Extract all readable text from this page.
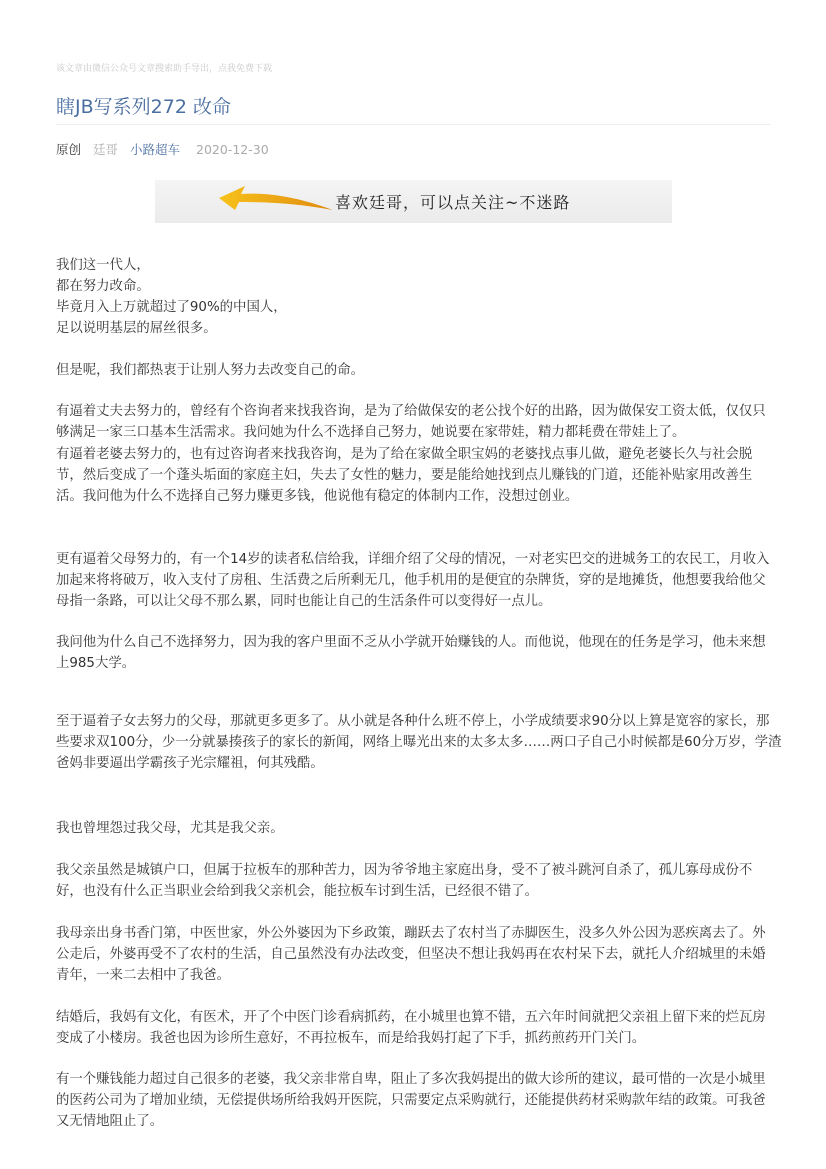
该文章由微信公众号文章搜索助手导出，点我免费下载
瞎JB写系列272 改命
原创 廷哥 小路超车 2020-12-30
喜欢廷哥，可以点关注~不迷路
我们这一代人，
都在努力改命。
毕竟月入上万就超过了90%的中国人，
足以说明基层的屌丝很多。
但是呢，我们都热衷于让别人努力去改变自己的命。
有逼着丈夫去努力的，曾经有个咨询者来找我咨询，是为了给做保安的老公找个好的出路，因为做保安工资太低，仅仅只
够满足一家三口基本生活需求。我问她为什么不选择自己努力，她说要在家带娃，精力都耗费在带娃上了。
有逼着老婆去努力的，也有过咨询者来找我咨询，是为了给在家做全职宝妈的老婆找点事儿做，避免老婆长久与社会脱
节，然后变成了一个蓬头垢面的家庭主妇，失去了女性的魅力，要是能给她找到点儿赚钱的门道，还能补贴家用改善生
活。我问他为什么不选择自己努力赚更多钱，他说他有稳定的体制内工作，没想过创业。
更有逼着父母努力的，有一个14岁的读者私信给我，详细介绍了父母的情况，一对老实巴交的进城务工的农民工，月收入
加起来将将破万，收入支付了房租、生活费之后所剩无几，他手机用的是便宜的杂牌货，穿的是地摊货，他想要我给他父
母指一条路，可以让父母不那么累，同时也能让自己的生活条件可以变得好一点儿。
我问他为什么自己不选择努力，因为我的客户里面不乏从小学就开始赚钱的人。而他说，他现在的任务是学习，他未来想
上985大学。
至于逼着子女去努力的父母，那就更多更多了。从小就是各种什么班不停上，小学成绩要求90分以上算是宽容的家长，那
些要求双100分，少一分就暴揍孩子的家长的新闻，网络上曝光出来的太多太多……两口子自己小时候都是60分万岁，学渣
爸妈非要逼出学霸孩子光宗耀祖，何其残酷。
我也曾埋怨过我父母，尤其是我父亲。
我父亲虽然是城镇户口，但属于拉板车的那种苦力，因为爷爷地主家庭出身，受不了被斗跳河自杀了，孤儿寡母成份不
好，也没有什么正当职业会给到我父亲机会，能拉板车讨到生活，已经很不错了。
我母亲出身书香门第，中医世家，外公外婆因为下乡政策，蹦跃去了农村当了赤脚医生，没多久外公因为恶疾离去了。外
公走后，外婆再受不了农村的生活，自己虽然没有办法改变，但坚决不想让我妈再在农村呆下去，就托人介绍城里的未婚
青年，一来二去相中了我爸。
结婚后，我妈有文化，有医术，开了个中医门诊看病抓药，在小城里也算不错，五六年时间就把父亲祖上留下来的烂瓦房
变成了小楼房。我爸也因为诊所生意好，不再拉板车，而是给我妈打起了下手，抓药煎药开门关门。
有一个赚钱能力超过自己很多的老婆，我父亲非常自卑，阻止了多次我妈提出的做大诊所的建议，最可惜的一次是小城里
的医药公司为了增加业绩，无偿提供场所给我妈开医院，只需要定点采购就行，还能提供药材采购款年结的政策。可我爸
又无情地阻止了。
